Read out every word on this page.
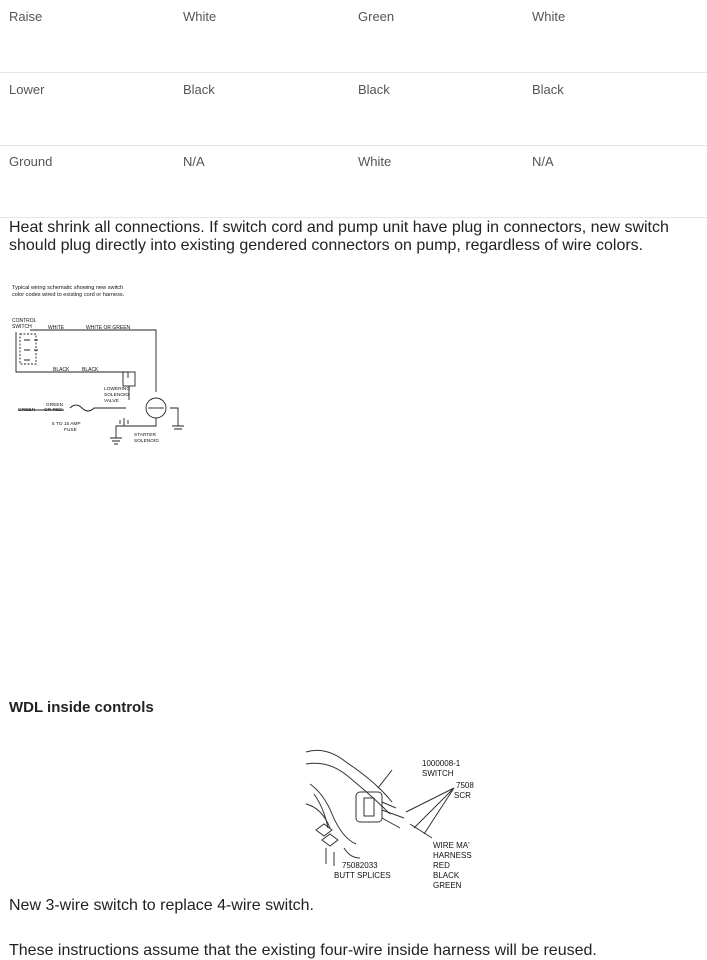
Raise	White	Green	White
Lower	Black	Black	Black
Ground	N/A	White	N/A
Heat shrink all connections. If switch cord and pump unit have plug in connectors, new switch
should plug directly into existing gendered connectors on pump, regardless of wire colors.
Typical wiring schematic showing new switch
color codes wired to existing cord or harness.
CONTROL
SWITCH	WHITE	WHITE OR GREEN
BLACK	BLACK
LOWERING
SOLENOID
VALVE
GREEN
OR RED
GREEN
5 TO 15 AMP
FUSE
STARTER
SOLENOID
WDL inside controls
1000008-1
SWITCH
7508
SCR
WIRE MA'
HARNESS
RED
BLACK
GREEN
75082033
BUTT SPLICES
New 3-wire switch to replace 4-wire switch.
These instructions assume that the existing four-wire inside harness will be reused.
